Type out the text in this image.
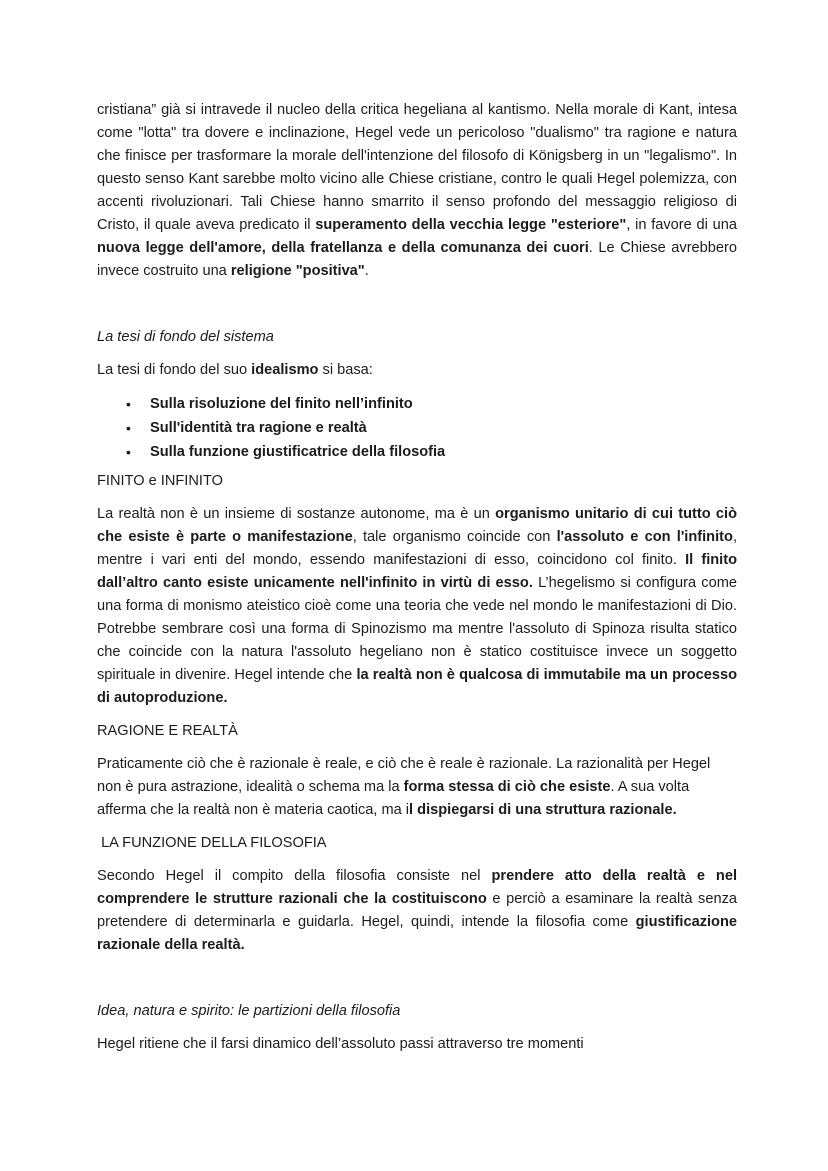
cristiana” già si intravede il nucleo della critica hegeliana al kantismo. Nella morale di Kant, intesa come "lotta" tra dovere e inclinazione, Hegel vede un pericoloso "dualismo" tra ragione e natura che finisce per trasformare la morale dell'intenzione del filosofo di Königsberg in un "legalismo". In questo senso Kant sarebbe molto vicino alle Chiese cristiane, contro le quali Hegel polemizza, con accenti rivoluzionari. Tali Chiese hanno smarrito il senso profondo del messaggio religioso di Cristo, il quale aveva predicato il superamento della vecchia legge "esteriore", in favore di una nuova legge dell'amore, della fratellanza e della comunanza dei cuori. Le Chiese avrebbero invece costruito una religione "positiva".

La tesi di fondo del sistema

La tesi di fondo del suo idealismo si basa:

• Sulla risoluzione del finito nell’infinito
• Sull'identità tra ragione e realtà
• Sulla funzione giustificatrice della filosofia

FINITO e INFINITO

La realtà non è un insieme di sostanze autonome, ma è un organismo unitario di cui tutto ciò che esiste è parte o manifestazione, tale organismo coincide con l'assoluto e con l'infinito, mentre i vari enti del mondo, essendo manifestazioni di esso, coincidono col finito. Il finito dall’altro canto esiste unicamente nell'infinito in virtù di esso. L’hegelismo si configura come una forma di monismo ateistico cioè come una teoria che vede nel mondo le manifestazioni di Dio. Potrebbe sembrare così una forma di Spinozismo ma mentre l'assoluto di Spinoza risulta statico che coincide con la natura l'assoluto hegeliano non è statico costituisce invece un soggetto spirituale in divenire. Hegel intende che la realtà non è qualcosa di immutabile ma un processo di autoproduzione.

RAGIONE E REALTÀ

Praticamente ciò che è razionale è reale, e ciò che è reale è razionale. La razionalità per Hegel non è pura astrazione, idealità o schema ma la forma stessa di ciò che esiste. A sua volta afferma che la realtà non è materia caotica, ma il dispiegarsi di una struttura razionale.

LA FUNZIONE DELLA FILOSOFIA

Secondo Hegel il compito della filosofia consiste nel prendere atto della realtà e nel comprendere le strutture razionali che la costituiscono e perciò a esaminare la realtà senza pretendere di determinarla e guidarla. Hegel, quindi, intende la filosofia come giustificazione razionale della realtà.

Idea, natura e spirito: le partizioni della filosofia

Hegel ritiene che il farsi dinamico dell’assoluto passi attraverso tre momenti
